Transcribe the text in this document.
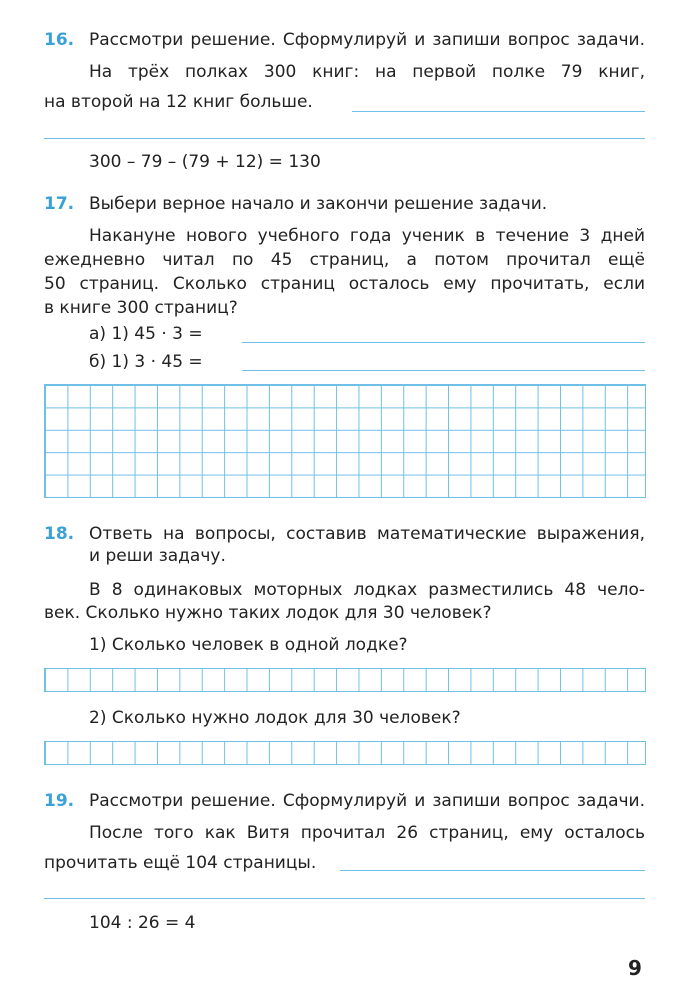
16. Рассмотри решение. Сформулируй и запиши вопрос задачи.
На трёх полках 300 книг: на первой полке 79 книг,
на второй на 12 книг больше.
300 – 79 – (79 + 12) = 130
17. Выбери верное начало и закончи решение задачи.
Накануне нового учебного года ученик в течение 3 дней
ежедневно читал по 45 страниц, а потом прочитал ещё
50 страниц. Сколько страниц осталось ему прочитать, если
в книге 300 страниц?
а) 1) 45 · 3 =
б) 1) 3 · 45 =
18. Ответь на вопросы, составив математические выражения,
и реши задачу.
В 8 одинаковых моторных лодках разместились 48 чело-
век. Сколько нужно таких лодок для 30 человек?
1) Сколько человек в одной лодке?
2) Сколько нужно лодок для 30 человек?
19. Рассмотри решение. Сформулируй и запиши вопрос задачи.
После того как Витя прочитал 26 страниц, ему осталось
прочитать ещё 104 страницы.
104 : 26 = 4
9
